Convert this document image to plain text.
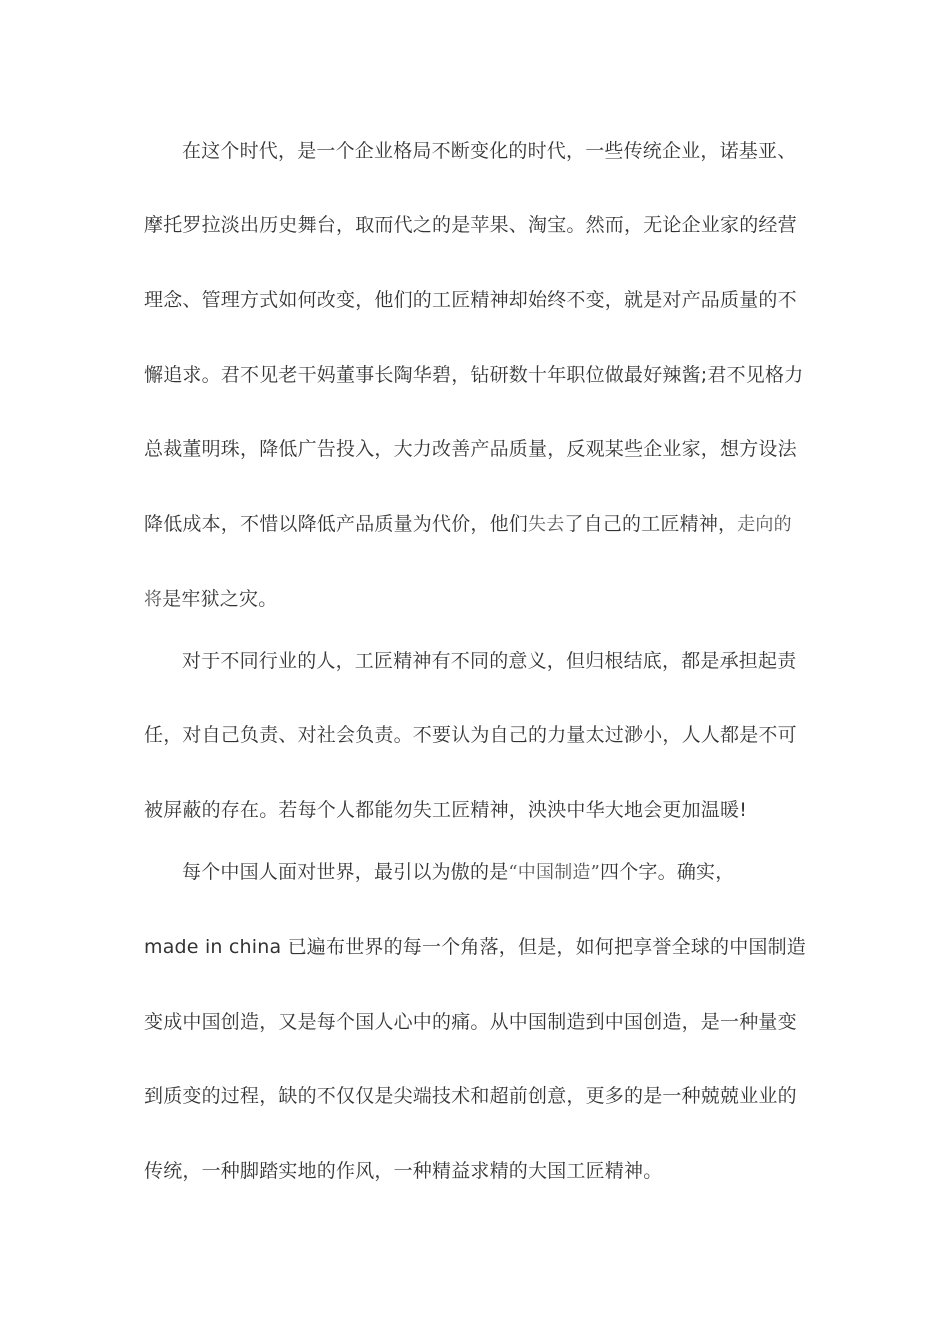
在这个时代，是一个企业格局不断变化的时代，一些传统企业，诺基亚、
摩托罗拉淡出历史舞台，取而代之的是苹果、淘宝。然而，无论企业家的经营
理念、管理方式如何改变，他们的工匠精神却始终不变，就是对产品质量的不
懈追求。君不见老干妈董事长陶华碧，钻研数十年职位做最好辣酱;君不见格力
总裁董明珠，降低广告投入，大力改善产品质量，反观某些企业家，想方设法
降低成本，不惜以降低产品质量为代价，他们失去了自己的工匠精神，走向的
将是牢狱之灾。
对于不同行业的人，工匠精神有不同的意义，但归根结底，都是承担起责
任，对自己负责、对社会负责。不要认为自己的力量太过渺小，人人都是不可
被屏蔽的存在。若每个人都能勿失工匠精神，泱泱中华大地会更加温暖!
每个中国人面对世界，最引以为傲的是“中国制造”四个字。确实，
made in china 已遍布世界的每一个角落，但是，如何把享誉全球的中国制造
变成中国创造，又是每个国人心中的痛。从中国制造到中国创造，是一种量变
到质变的过程，缺的不仅仅是尖端技术和超前创意，更多的是一种兢兢业业的
传统，一种脚踏实地的作风，一种精益求精的大国工匠精神。
